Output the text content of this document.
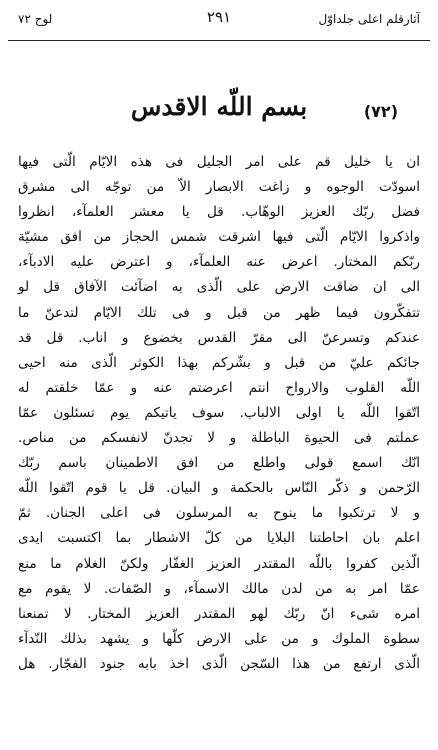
آثارقلم اعلى جلداوّل
٢٩١
لوح ٧٢
(٧٢)
بسم اللّه الاقدس
ان يا خليل قم على امر الجليل فى هذه الايّام الّتى فيها
اسودّت الوجوه و زاغت الابصار الاّ من توجّه الى مشرق
فضل ربّك العزيز الوهّاب. قل يا معشر العلمآء، انظروا
واذكروا الايّام الّتى فيها اشرقت شمس الحجاز من افق مشيّة
ربّكم المختار. اعرض عنه العلمآء، و اعترض عليه الادبآء،
الى ان ضاقت الارض على الّذى به اضآئت الآفاق قل لو
تتفكّرون فيما ظهر من قبل و فى تلك الايّام لتدعنّ ما
عندكم وتسرعنّ الى مقرّ القدس بخضوع و اناب. قل قد
جائكم عليّ من قبل و بشّركم بهذا الكوثر الّذى منه احيى
اللّه القلوب والارواح انتم اعرضتم عنه و عمّا خلقتم له
اتّقوا اللّه يا اولى الالباب. سوف ياتيكم يوم تسئلون عمّا
عملتم فى الحيوة الباطلة و لا تجدنّ لانفسكم من مناص.
انّك اسمع قولى واطلع من افق الاطمينان باسم ربّك
الرّحمن و ذكّر النّاس بالحكمة و البيان. قل يا قوم اتّقوا اللّه
و لا ترتكبوا ما ينوح به المرسلون فى اعلى الجنان. ثمّ
اعلم بان احاطتنا البلايا من كلّ الاشطار بما اكتسبت ايدى
الّذين كفروا باللّه المقتدر العزيز الغفّار ولكنّ الغلام ما منع
عمّا امر به من لدن مالك الاسمآء، و الصّفات. لا يقوم مع
امره شىء انّ ربّك لهو المقتدر العزيز المختار. لا تمنعنا
سطوة الملوك و من على الارض كلّها و يشهد بذلك النّدآء
الّذى ارتفع من هذا السّجن الّذى اخذ بابه جنود الفجّار. هل
